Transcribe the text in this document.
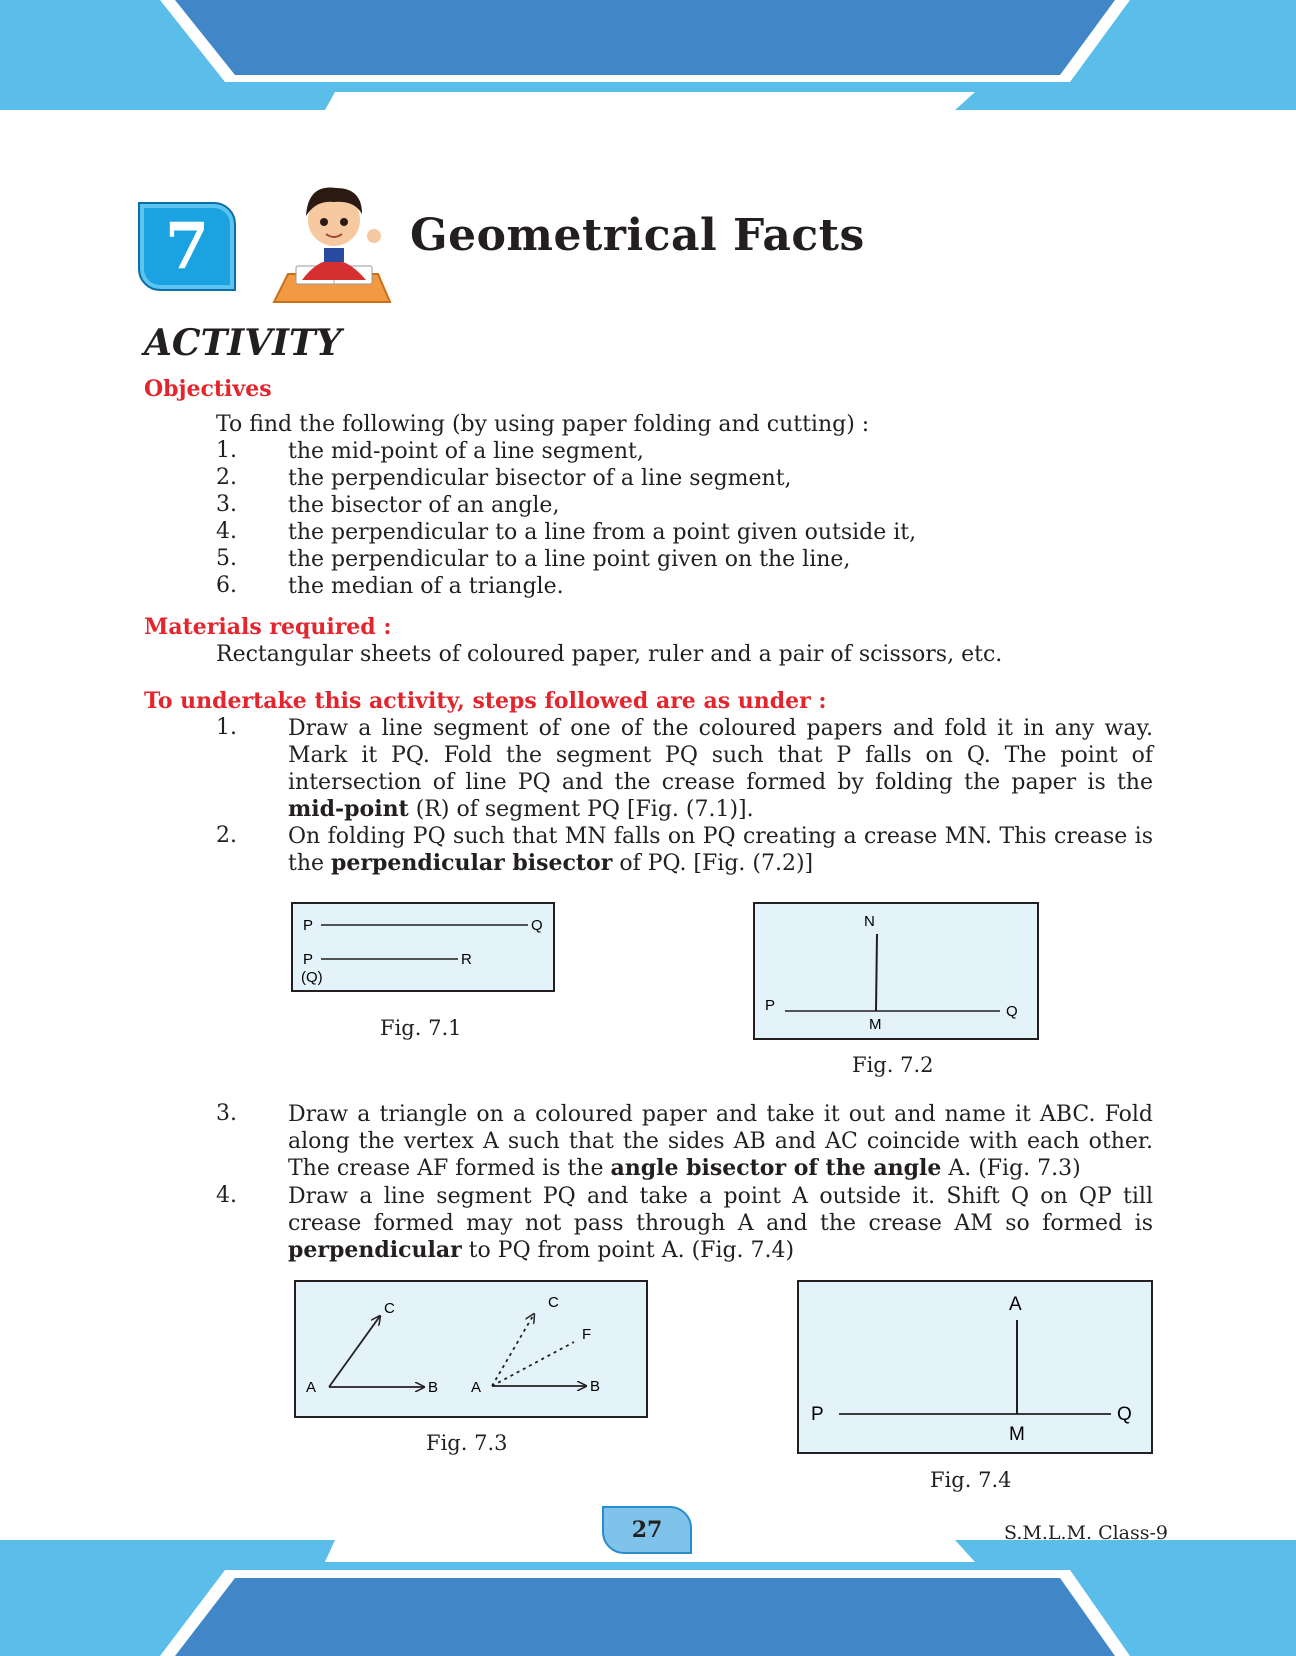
7	Geometrical Facts
ACTIVITY
Objectives
To find the following (by using paper folding and cutting) :
1. the mid-point of a line segment,
2. the perpendicular bisector of a line segment,
3. the bisector of an angle,
4. the perpendicular to a line from a point given outside it,
5. the perpendicular to a line point given on the line,
6. the median of a triangle.
Materials required :
Rectangular sheets of coloured paper, ruler and a pair of scissors, etc.
To undertake this activity, steps followed are as under :
1. Draw a line segment of one of the coloured papers and fold it in any way. Mark it PQ. Fold the segment PQ such that P falls on Q. The point of intersection of line PQ and the crease formed by folding the paper is the mid-point (R) of segment PQ [Fig. (7.1)].
2. On folding PQ such that MN falls on PQ creating a crease MN. This crease is the perpendicular bisector of PQ. [Fig. (7.2)]
P	Q
P	R
(Q)
Fig. 7.1
N
P	Q
M
Fig. 7.2
3. Draw a triangle on a coloured paper and take it out and name it ABC. Fold along the vertex A such that the sides AB and AC coincide with each other. The crease AF formed is the angle bisector of the angle A. (Fig. 7.3)
4. Draw a line segment PQ and take a point A outside it. Shift Q on QP till crease formed may not pass through A and the crease AM so formed is perpendicular to PQ from point A. (Fig. 7.4)
A	B
C
A	B
C
F
Fig. 7.3
A
P	Q
M
Fig. 7.4
27	S.M.L.M. Class-9
